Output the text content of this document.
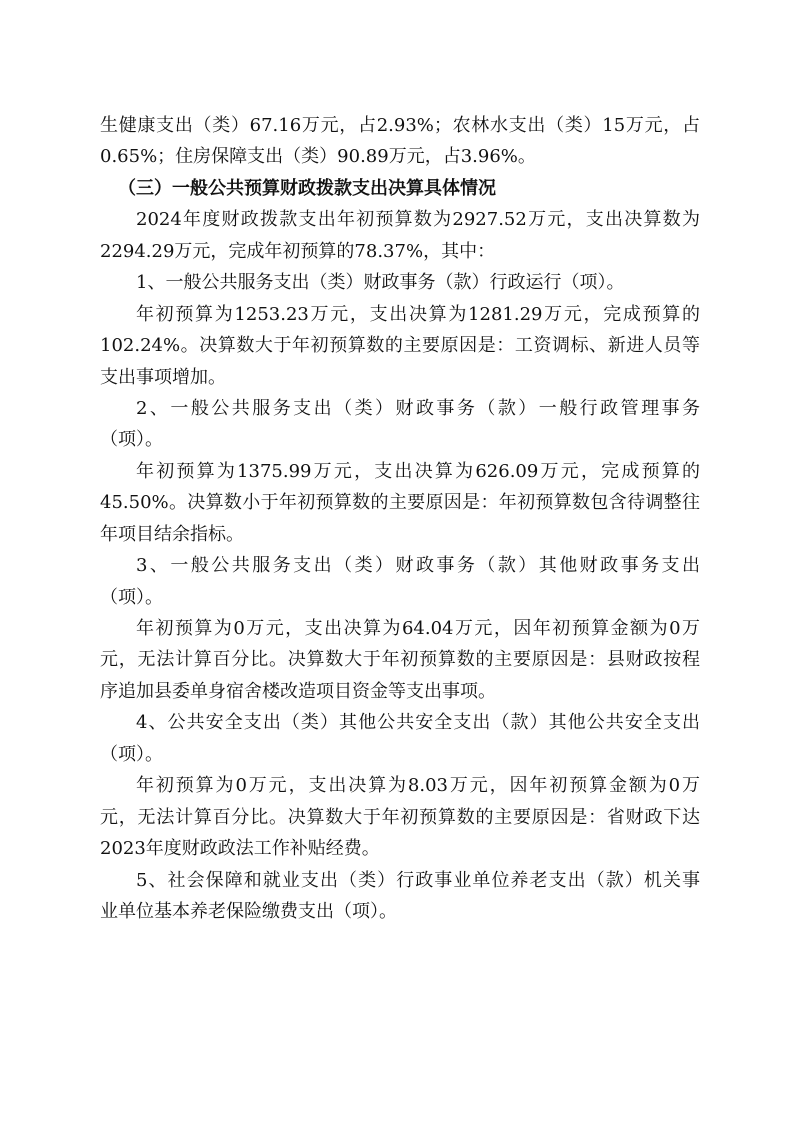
生健康支出（类）67.16万元，占2.93%；农林水支出（类）15万元，占
0.65%；住房保障支出（类）90.89万元，占3.96%。
（三）一般公共预算财政拨款支出决算具体情况
2024年度财政拨款支出年初预算数为2927.52万元，支出决算数为
2294.29万元，完成年初预算的78.37%，其中：
1、一般公共服务支出（类）财政事务（款）行政运行（项）。
年初预算为1253.23万元，支出决算为1281.29万元，完成预算的
102.24%。决算数大于年初预算数的主要原因是：工资调标、新进人员等
支出事项增加。
2、一般公共服务支出（类）财政事务（款）一般行政管理事务
（项）。
年初预算为1375.99万元，支出决算为626.09万元，完成预算的
45.50%。决算数小于年初预算数的主要原因是：年初预算数包含待调整往
年项目结余指标。
3、一般公共服务支出（类）财政事务（款）其他财政事务支出
（项）。
年初预算为0万元，支出决算为64.04万元，因年初预算金额为0万
元，无法计算百分比。决算数大于年初预算数的主要原因是：县财政按程
序追加县委单身宿舍楼改造项目资金等支出事项。
4、公共安全支出（类）其他公共安全支出（款）其他公共安全支出
（项）。
年初预算为0万元，支出决算为8.03万元，因年初预算金额为0万
元，无法计算百分比。决算数大于年初预算数的主要原因是：省财政下达
2023年度财政政法工作补贴经费。
5、社会保障和就业支出（类）行政事业单位养老支出（款）机关事
业单位基本养老保险缴费支出（项）。
